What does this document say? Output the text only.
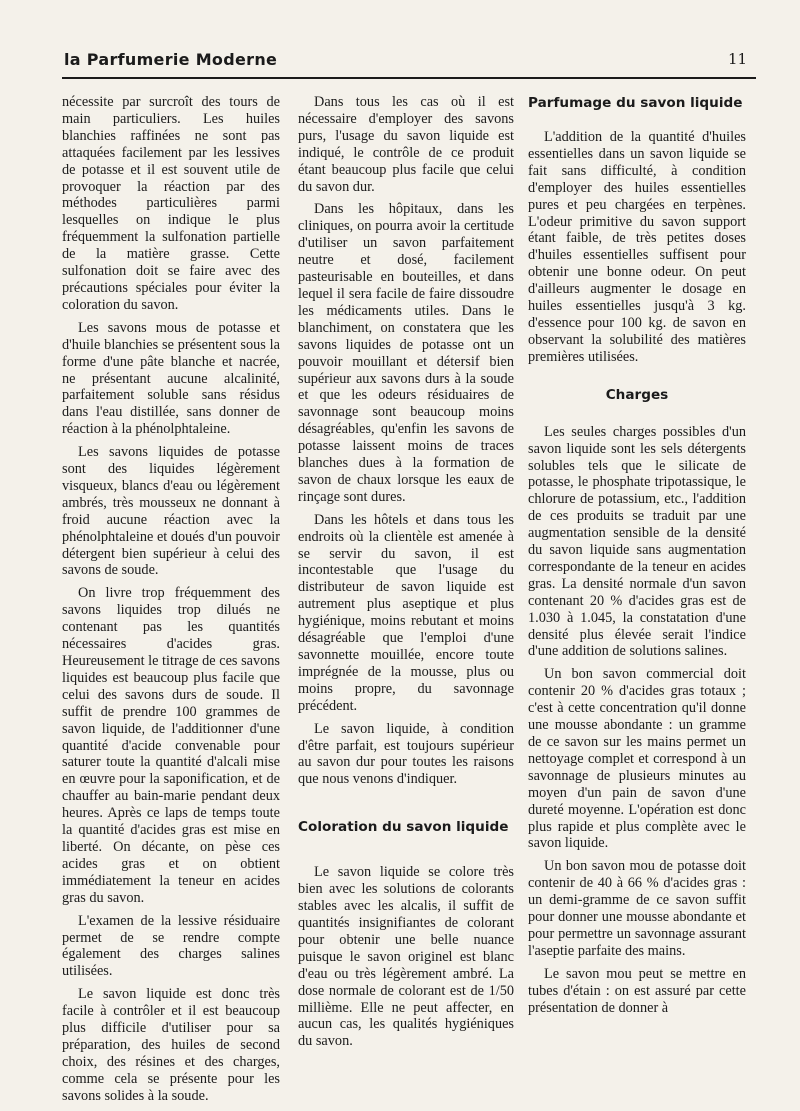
la Parfumerie Moderne	11

nécessite par surcroît des tours de main particuliers. Les huiles blanchies raffinées ne sont pas attaquées facilement par les lessives de potasse et il est souvent utile de provoquer la réaction par des méthodes particulières parmi lesquelles on indique le plus fréquemment la sulfonation partielle de la matière grasse. Cette sulfonation doit se faire avec des précautions spéciales pour éviter la coloration du savon.

Les savons mous de potasse et d'huile blanchies se présentent sous la forme d'une pâte blanche et nacrée, ne présentant aucune alcalinité, parfaitement soluble sans résidus dans l'eau distillée, sans donner de réaction à la phénolphtaleine.

Les savons liquides de potasse sont des liquides légèrement visqueux, blancs d'eau ou légèrement ambrés, très mousseux ne donnant à froid aucune réaction avec la phénolphtaleine et doués d'un pouvoir détergent bien supérieur à celui des savons de soude.

On livre trop fréquemment des savons liquides trop dilués ne contenant pas les quantités nécessaires d'acides gras. Heureusement le titrage de ces savons liquides est beaucoup plus facile que celui des savons durs de soude. Il suffit de prendre 100 grammes de savon liquide, de l'additionner d'une quantité d'acide convenable pour saturer toute la quantité d'alcali mise en œuvre pour la saponification, et de chauffer au bain-marie pendant deux heures. Après ce laps de temps toute la quantité d'acides gras est mise en liberté. On décante, on pèse ces acides gras et on obtient immédiatement la teneur en acides gras du savon.

L'examen de la lessive résiduaire permet de se rendre compte également des charges salines utilisées.

Le savon liquide est donc très facile à contrôler et il est beaucoup plus difficile d'utiliser pour sa préparation, des huiles de second choix, des résines et des charges, comme cela se présente pour les savons solides à la soude.

Dans tous les cas où il est nécessaire d'employer des savons purs, l'usage du savon liquide est indiqué, le contrôle de ce produit étant beaucoup plus facile que celui du savon dur.

Dans les hôpitaux, dans les cliniques, on pourra avoir la certitude d'utiliser un savon parfaitement neutre et dosé, facilement pasteurisable en bouteilles, et dans lequel il sera facile de faire dissoudre les médicaments utiles. Dans le blanchiment, on constatera que les savons liquides de potasse ont un pouvoir mouillant et détersif bien supérieur aux savons durs à la soude et que les odeurs résiduaires de savonnage sont beaucoup moins désagréables, qu'enfin les savons de potasse laissent moins de traces blanches dues à la formation de savon de chaux lorsque les eaux de rinçage sont dures.

Dans les hôtels et dans tous les endroits où la clientèle est amenée à se servir du savon, il est incontestable que l'usage du distributeur de savon liquide est autrement plus aseptique et plus hygiénique, moins rebutant et moins désagréable que l'emploi d'une savonnette mouillée, encore toute imprégnée de la mousse, plus ou moins propre, du savonnage précédent.

Le savon liquide, à condition d'être parfait, est toujours supérieur au savon dur pour toutes les raisons que nous venons d'indiquer.

Coloration du savon liquide

Le savon liquide se colore très bien avec les solutions de colorants stables avec les alcalis, il suffit de quantités insignifiantes de colorant pour obtenir une belle nuance puisque le savon originel est blanc d'eau ou très légèrement ambré. La dose normale de colorant est de 1/50 millième. Elle ne peut affecter, en aucun cas, les qualités hygiéniques du savon.

Parfumage du savon liquide

L'addition de la quantité d'huiles essentielles dans un savon liquide se fait sans difficulté, à condition d'employer des huiles essentielles pures et peu chargées en terpènes. L'odeur primitive du savon support étant faible, de très petites doses d'huiles essentielles suffisent pour obtenir une bonne odeur. On peut d'ailleurs augmenter le dosage en huiles essentielles jusqu'à 3 kg. d'essence pour 100 kg. de savon en observant la solubilité des matières premières utilisées.

Charges

Les seules charges possibles d'un savon liquide sont les sels détergents solubles tels que le silicate de potasse, le phosphate tripotassique, le chlorure de potassium, etc., l'addition de ces produits se traduit par une augmentation sensible de la densité du savon liquide sans augmentation correspondante de la teneur en acides gras. La densité normale d'un savon contenant 20 % d'acides gras est de 1.030 à 1.045, la constatation d'une densité plus élevée serait l'indice d'une addition de solutions salines.

Un bon savon commercial doit contenir 20 % d'acides gras totaux ; c'est à cette concentration qu'il donne une mousse abondante : un gramme de ce savon sur les mains permet un nettoyage complet et correspond à un savonnage de plusieurs minutes au moyen d'un pain de savon d'une dureté moyenne. L'opération est donc plus rapide et plus complète avec le savon liquide.

Un bon savon mou de potasse doit contenir de 40 à 66 % d'acides gras : un demi-gramme de ce savon suffit pour donner une mousse abondante et pour permettre un savonnage assurant l'aseptie parfaite des mains.

Le savon mou peut se mettre en tubes d'étain : on est assuré par cette présentation de donner à
